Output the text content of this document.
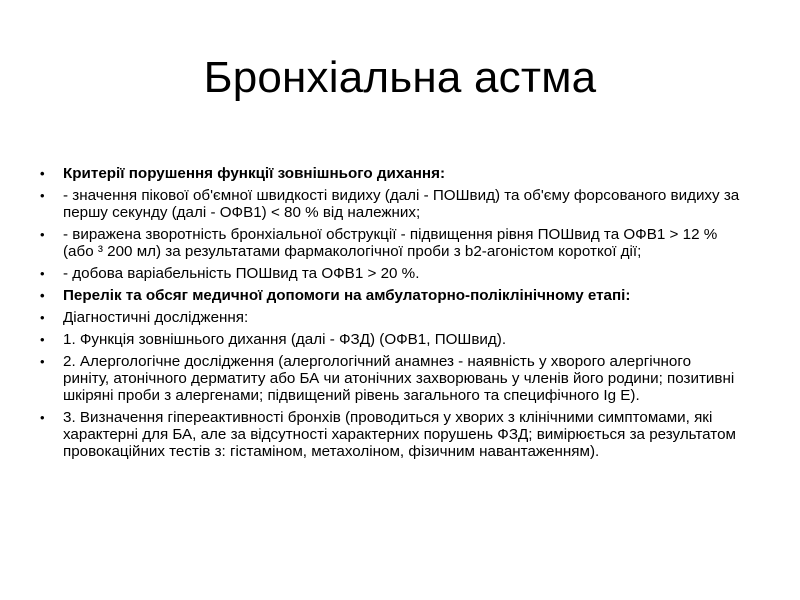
Бронхіальна астма
• Критерії порушення функції зовнішнього дихання:
• - значення пікової об'ємної швидкості видиху (далі - ПОШвид) та об'єму форсованого видиху за першу секунду (далі - ОФВ1) < 80 % від належних;
• - виражена зворотність бронхіальної обструкції - підвищення рівня ПОШвид та ОФВ1 > 12 % (або ³ 200 мл) за результатами фармакологічної проби з b2-агоністом короткої дії;
• - добова варіабельність ПОШвид та ОФВ1 > 20 %.
• Перелік та обсяг медичної допомоги на амбулаторно-поліклінічному етапі:
• Діагностичні дослідження:
• 1. Функція зовнішнього дихання (далі - ФЗД) (ОФВ1, ПОШвид).
• 2. Алергологічне дослідження (алергологічний анамнез - наявність у хворого алергічного риніту, атонічного дерматиту або БА чи атонічних захворювань у членів його родини; позитивні шкіряні проби з алергенами; підвищений рівень загального та специфічного Ig E).
• 3. Визначення гіпереактивності бронхів (проводиться у хворих з клінічними симптомами, які характерні для БА, але за відсутності характерних порушень ФЗД; вимірюється за результатом провокаційних тестів з: гістаміном, метахоліном, фізичним навантаженням).
